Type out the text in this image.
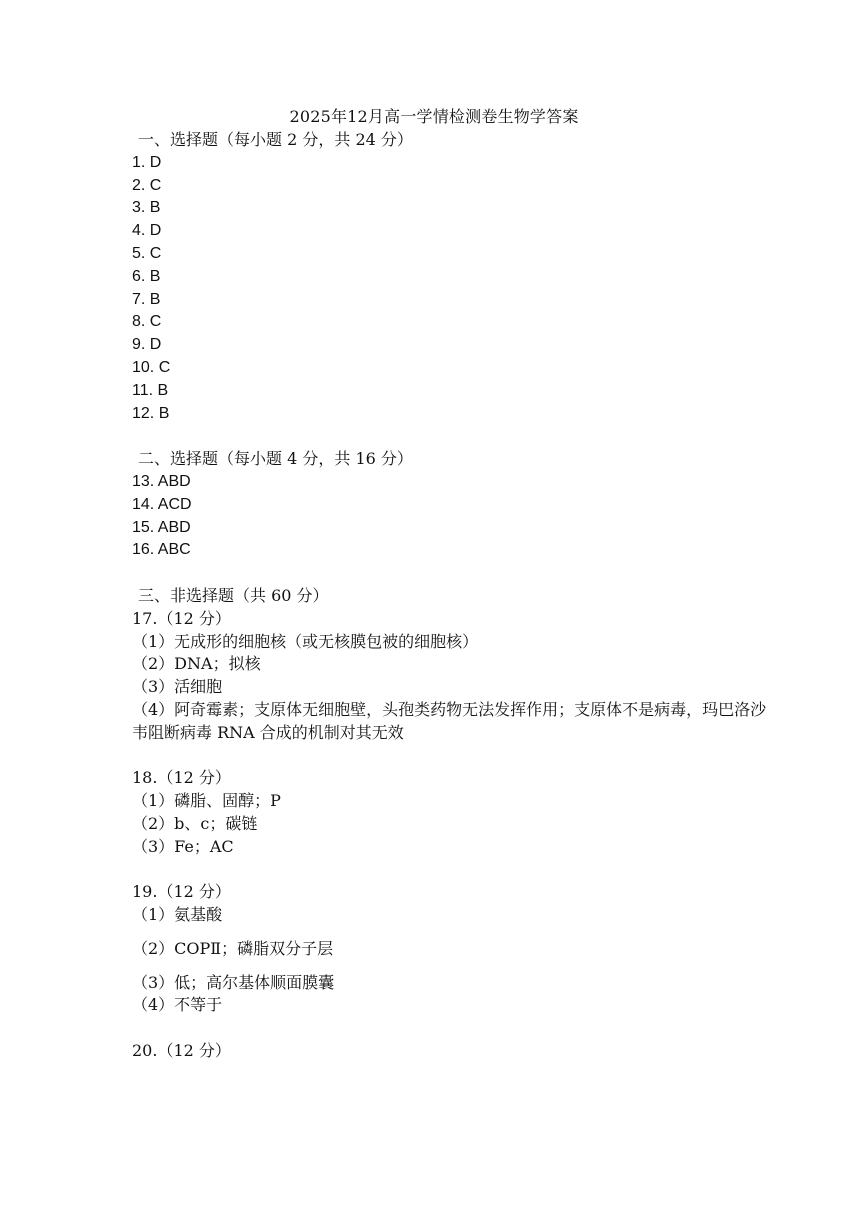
2025年12月高一学情检测卷生物学答案
一、选择题（每小题 2 分，共 24 分）
1. D
2. C
3. B
4. D
5. C
6. B
7. B
8. C
9. D
10. C
11. B
12. B
二、选择题（每小题 4 分，共 16 分）
13. ABD
14. ACD
15. ABD
16. ABC
三、非选择题（共 60 分）
17.（12 分）
（1）无成形的细胞核（或无核膜包被的细胞核）
（2）DNA；拟核
（3）活细胞
（4）阿奇霉素；支原体无细胞壁，头孢类药物无法发挥作用；支原体不是病毒，玛巴洛沙韦阻断病毒 RNA 合成的机制对其无效
18.（12 分）
（1）磷脂、固醇；P
（2）b、c；碳链
（3）Fe；AC
19.（12 分）
（1）氨基酸
（2）COPⅡ；磷脂双分子层
（3）低；高尔基体顺面膜囊
（4）不等于
20.（12 分）
